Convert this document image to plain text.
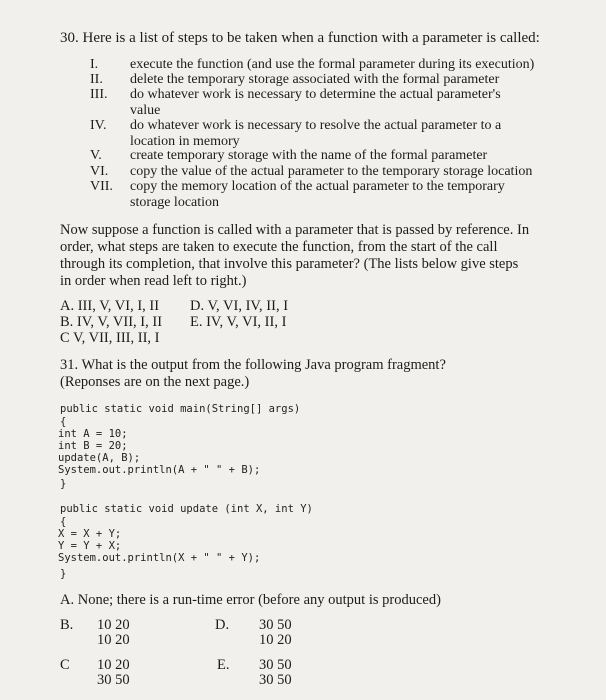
30. Here is a list of steps to be taken when a function with a parameter is called:
I. execute the function (and use the formal parameter during its execution)
II. delete the temporary storage associated with the formal parameter
III. do whatever work is necessary to determine the actual parameter's
value
IV. do whatever work is necessary to resolve the actual parameter to a
location in memory
V. create temporary storage with the name of the formal parameter
VI. copy the value of the actual parameter to the temporary storage location
VII. copy the memory location of the actual parameter to the temporary
storage location
Now suppose a function is called with a parameter that is passed by reference. In
order, what steps are taken to execute the function, from the start of the call
through its completion, that involve this parameter? (The lists below give steps
in order when read left to right.)
A. III, V, VI, I, II
B. IV, V, VII, I, II
C V, VII, III, II, I
D. V, VI, IV, II, I
E. IV, V, VI, II, I
31. What is the output from the following Java program fragment?
(Reponses are on the next page.)
public static void main(String[] args)
{
int A = 10;
int B = 20;
update(A, B);
System.out.println(A + " " + B);
}
public static void update (int X, int Y)
{
X = X + Y;
Y = Y + X;
System.out.println(X + " " + Y);
}
A. None; there is a run-time error (before any output is produced)
B. 10 20
10 20
D. 30 50
10 20
C 10 20
30 50
E. 30 50
30 50
